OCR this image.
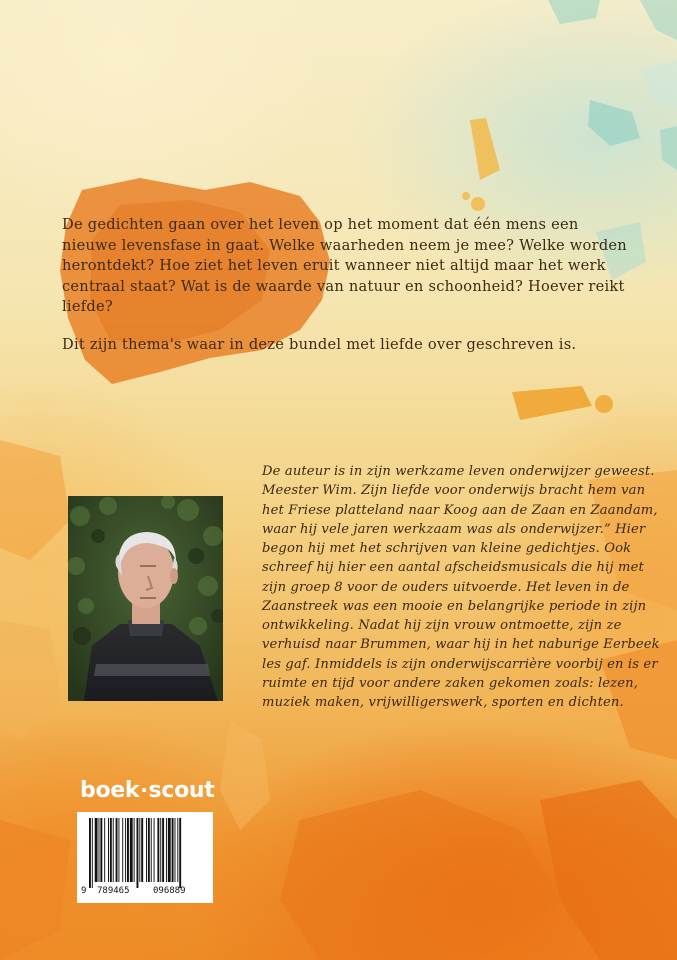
De gedichten gaan over het leven op het moment dat één mens een nieuwe levensfase in gaat. Welke waarheden neem je mee? Welke worden herontdekt? Hoe ziet het leven eruit wanneer niet altijd maar het werk centraal staat? Wat is de waarde van natuur en schoonheid? Hoever reikt liefde?

Dit zijn thema's waar in deze bundel met liefde over geschreven is.

De auteur is in zijn werkzame leven onderwijzer geweest. Meester Wim. Zijn liefde voor onderwijs bracht hem van het Friese platteland naar Koog aan de Zaan en Zaandam, waar hij vele jaren werkzaam was als onderwijzer.” Hier begon hij met het schrijven van kleine gedichtjes. Ook schreef hij hier een aantal afscheidsmusicals die hij met zijn groep 8 voor de ouders uitvoerde. Het leven in de Zaanstreek was een mooie en belangrijke periode in zijn ontwikkeling. Nadat hij zijn vrouw ontmoette, zijn ze verhuisd naar Brummen, waar hij in het naburige Eerbeek les gaf. Inmiddels is zijn onderwijscarrière voorbij en is er ruimte en tijd voor andere zaken gekomen zoals: lezen, muziek maken, vrijwilligerswerk, sporten en dichten.
boek·scout
9 789465	096889
